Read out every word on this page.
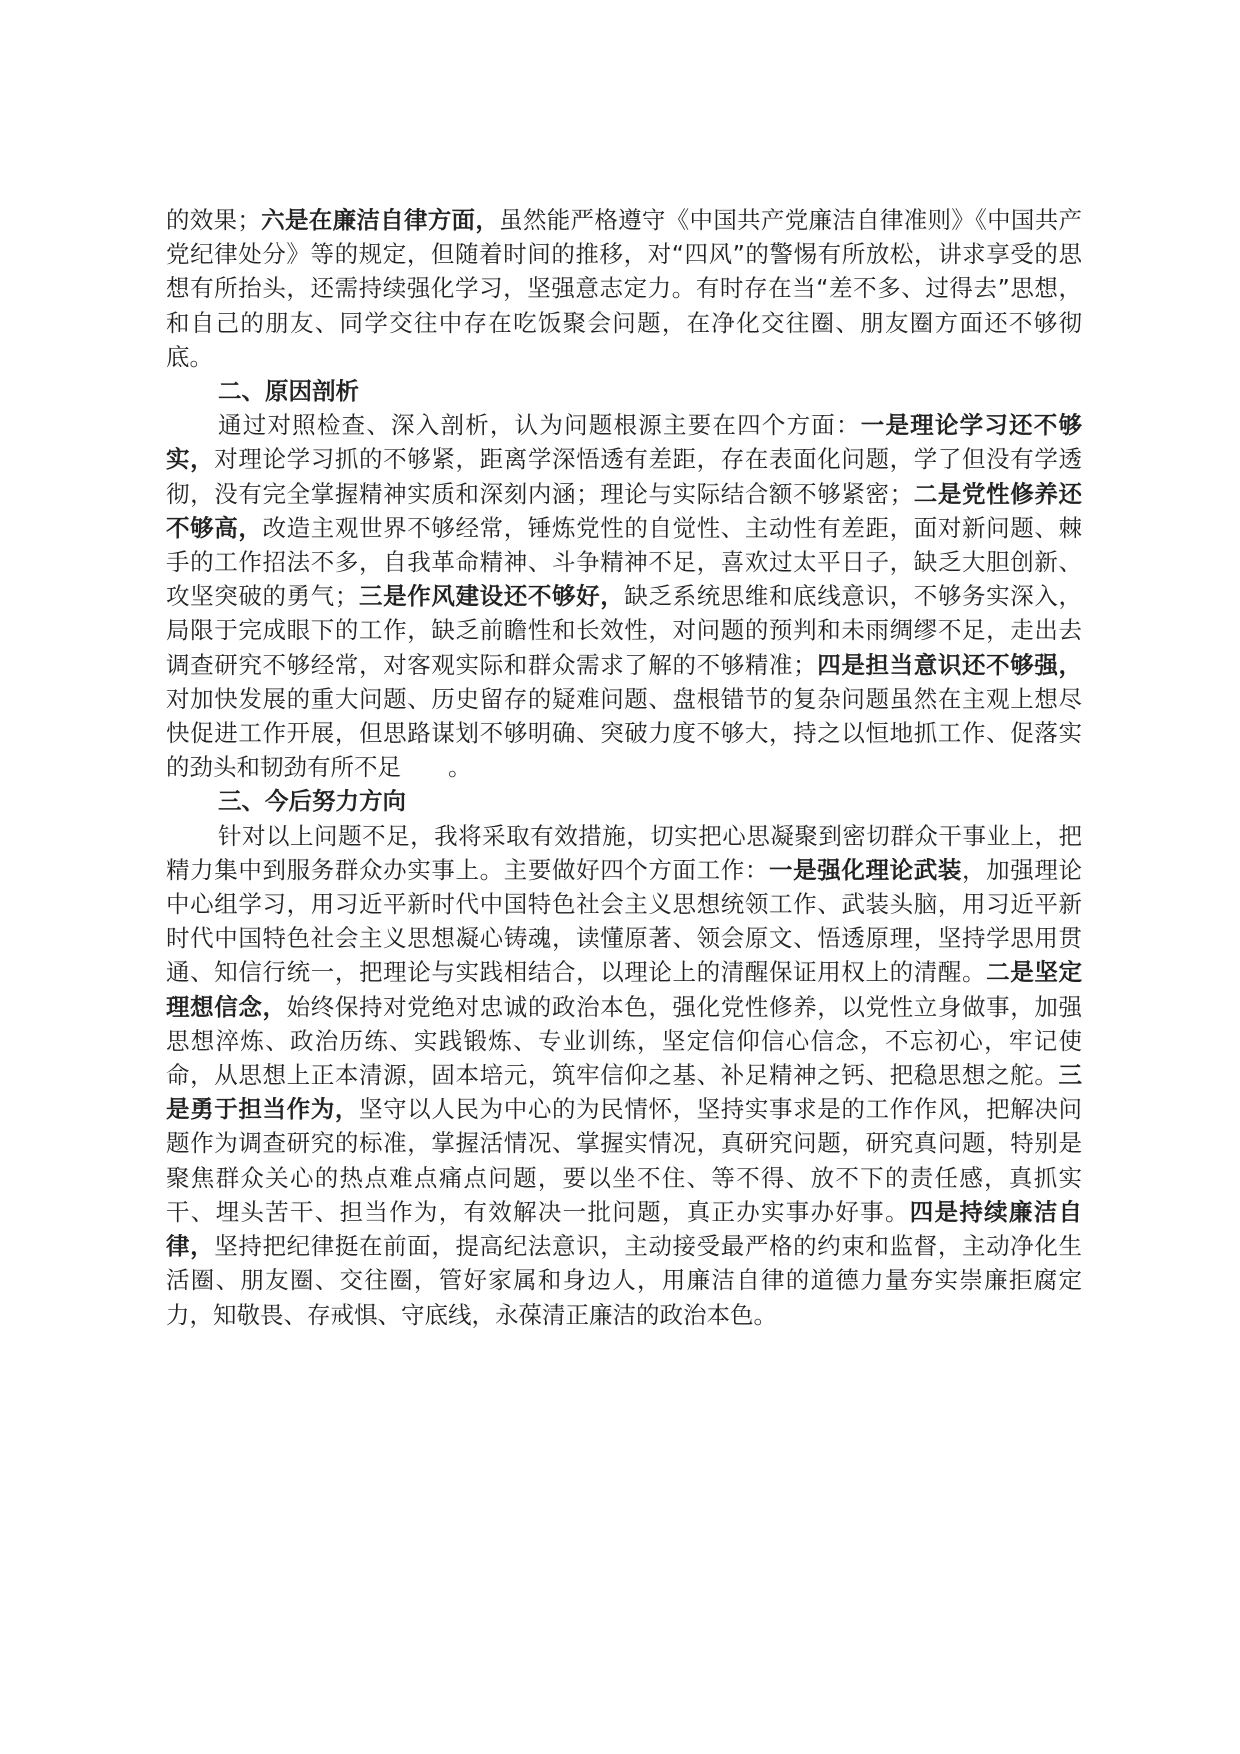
的效果；六是在廉洁自律方面，虽然能严格遵守《中国共产党廉洁自律准则》《中国共产党纪律处分》等的规定，但随着时间的推移，对“四风”的警惕有所放松，讲求享受的思想有所抬头，还需持续强化学习，坚强意志定力。有时存在当“差不多、过得去”思想，和自己的朋友、同学交往中存在吃饭聚会问题，在净化交往圈、朋友圈方面还不够彻底。

二、原因剖析

通过对照检查、深入剖析，认为问题根源主要在四个方面：一是理论学习还不够实，对理论学习抓的不够紧，距离学深悟透有差距，存在表面化问题，学了但没有学透彻，没有完全掌握精神实质和深刻内涵；理论与实际结合额不够紧密；二是党性修养还不够高，改造主观世界不够经常，锤炼党性的自觉性、主动性有差距，面对新问题、棘手的工作招法不多，自我革命精神、斗争精神不足，喜欢过太平日子，缺乏大胆创新、攻坚突破的勇气；三是作风建设还不够好，缺乏系统思维和底线意识，不够务实深入，局限于完成眼下的工作，缺乏前瞻性和长效性，对问题的预判和未雨绸缪不足，走出去调查研究不够经常，对客观实际和群众需求了解的不够精准；四是担当意识还不够强，对加快发展的重大问题、历史留存的疑难问题、盘根错节的复杂问题虽然在主观上想尽快促进工作开展，但思路谋划不够明确、突破力度不够大，持之以恒地抓工作、促落实的劲头和韧劲有所不足　　。

三、今后努力方向

针对以上问题不足，我将采取有效措施，切实把心思凝聚到密切群众干事业上，把精力集中到服务群众办实事上。主要做好四个方面工作：一是强化理论武装，加强理论中心组学习，用习近平新时代中国特色社会主义思想统领工作、武装头脑，用习近平新时代中国特色社会主义思想凝心铸魂，读懂原著、领会原文、悟透原理，坚持学思用贯通、知信行统一，把理论与实践相结合，以理论上的清醒保证用权上的清醒。二是坚定理想信念，始终保持对党绝对忠诚的政治本色，强化党性修养，以党性立身做事，加强思想淬炼、政治历练、实践锻炼、专业训练，坚定信仰信心信念，不忘初心，牢记使命，从思想上正本清源，固本培元，筑牢信仰之基、补足精神之钙、把稳思想之舵。三是勇于担当作为，坚守以人民为中心的为民情怀，坚持实事求是的工作作风，把解决问题作为调查研究的标准，掌握活情况、掌握实情况，真研究问题，研究真问题，特别是聚焦群众关心的热点难点痛点问题，要以坐不住、等不得、放不下的责任感，真抓实干、埋头苦干、担当作为，有效解决一批问题，真正办实事办好事。四是持续廉洁自律，坚持把纪律挺在前面，提高纪法意识，主动接受最严格的约束和监督，主动净化生活圈、朋友圈、交往圈，管好家属和身边人，用廉洁自律的道德力量夯实崇廉拒腐定力，知敬畏、存戒惧、守底线，永葆清正廉洁的政治本色。
